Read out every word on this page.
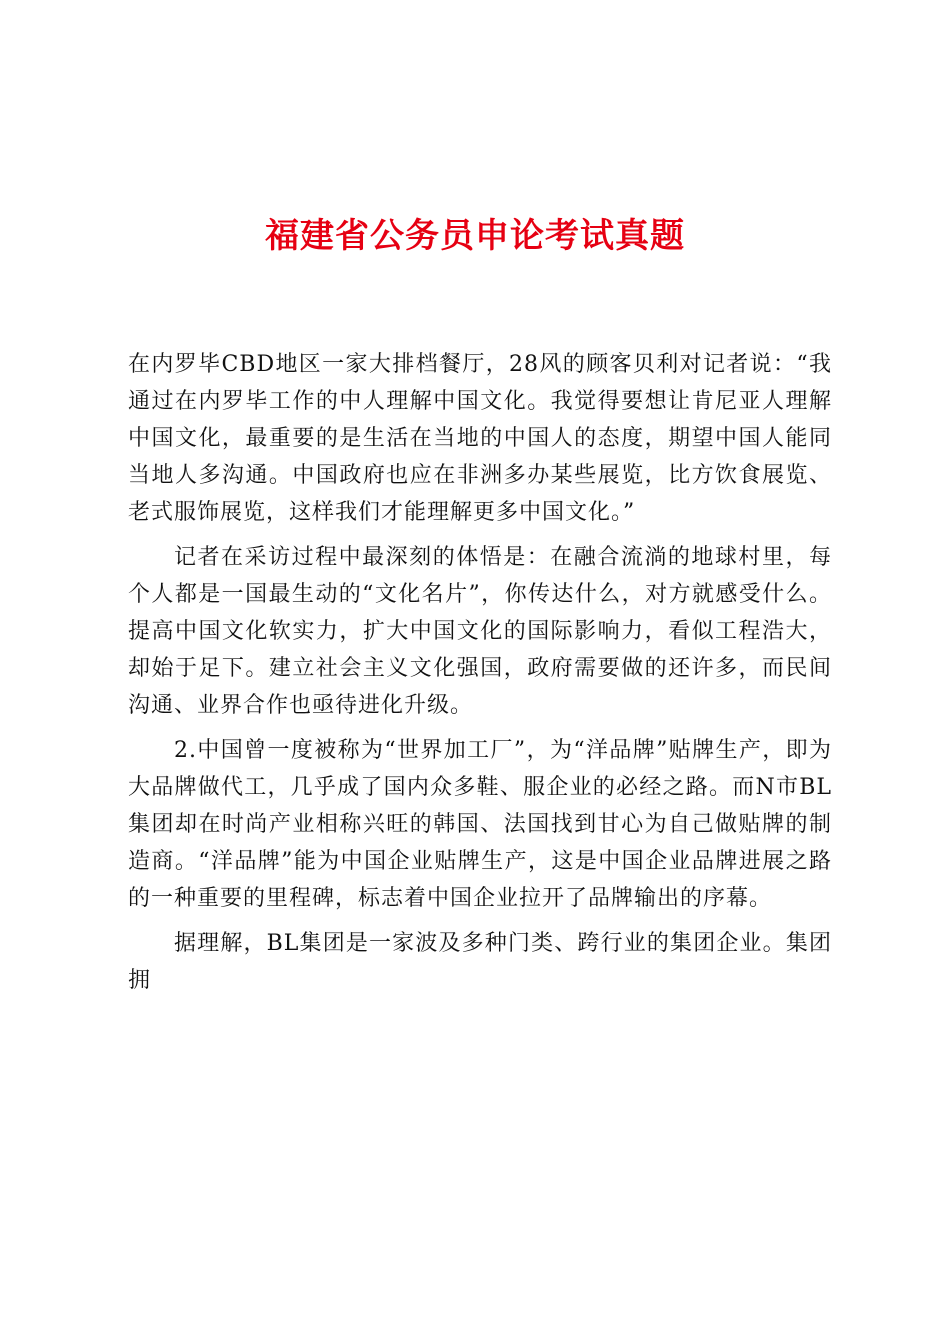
福建省公务员申论考试真题

在内罗毕CBD地区一家大排档餐厅，28风的顾客贝利对记者说：“我通过在内罗毕工作的中人理解中国文化。我觉得要想让肯尼亚人理解中国文化，最重要的是生活在当地的中国人的态度，期望中国人能同当地人多沟通。中国政府也应在非洲多办某些展览，比方饮食展览、老式服饰展览，这样我们才能理解更多中国文化。”

记者在采访过程中最深刻的体悟是：在融合流淌的地球村里，每个人都是一国最生动的“文化名片”，你传达什么，对方就感受什么。提高中国文化软实力，扩大中国文化的国际影响力，看似工程浩大，却始于足下。建立社会主义文化强国，政府需要做的还许多，而民间沟通、业界合作也亟待进化升级。

2.中国曾一度被称为“世界加工厂”，为“洋品牌”贴牌生产，即为大品牌做代工，几乎成了国内众多鞋、服企业的必经之路。而N市BL集团却在时尚产业相称兴旺的韩国、法国找到甘心为自己做贴牌的制造商。“洋品牌”能为中国企业贴牌生产，这是中国企业品牌进展之路的一种重要的里程碑，标志着中国企业拉开了品牌输出的序幕。

据理解，BL集团是一家波及多种门类、跨行业的集团企业。集团拥
